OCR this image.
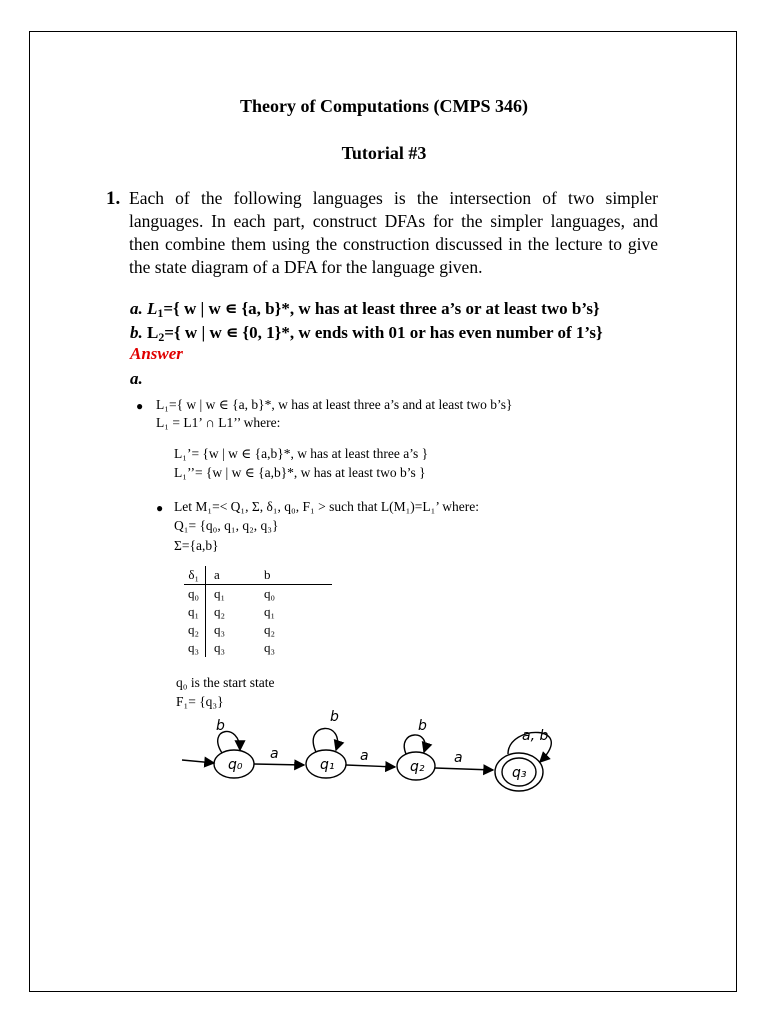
Theory of Computations (CMPS 346)
Tutorial #3
1. Each of the following languages is the intersection of two simpler
languages. In each part, construct DFAs for the simpler languages, and
then combine them using the construction discussed in the lecture to give
the state diagram of a DFA for the language given.
a. $L_1=${ w | w ∊ {a, b}*, w has at least three a’s or at least two b’s}
b. $L_2=${ w | w ∊ {0, 1}*, w ends with 01 or has even number of 1’s}
Answer
a.
● L₁={ w | w ∈ {a, b}*, w has at least three a’s and at least two b’s}
L₁ = L1’ ∩ L1’’ where:
L₁’= {w | w ∈ {a,b}*, w has at least three a’s }
L₁’’= {w | w ∈ {a,b}*, w has at least two b’s }
● Let M₁=< Q₁, Σ, δ₁, q₀, F₁ > such that L(M₁)=L₁’ where:
Q₁= {q₀, q₁, q₂, q₃}
Σ={a,b}
δ₁	a	b
q₀	q₁	q₀
q₁	q₂	q₁
q₂	q₃	q₂
q₃	q₃	q₃
q₀ is the start state
F₁= {q₃}
q₀	q₁	q₂	q₃
b
b
b
a, b
a	a	a
